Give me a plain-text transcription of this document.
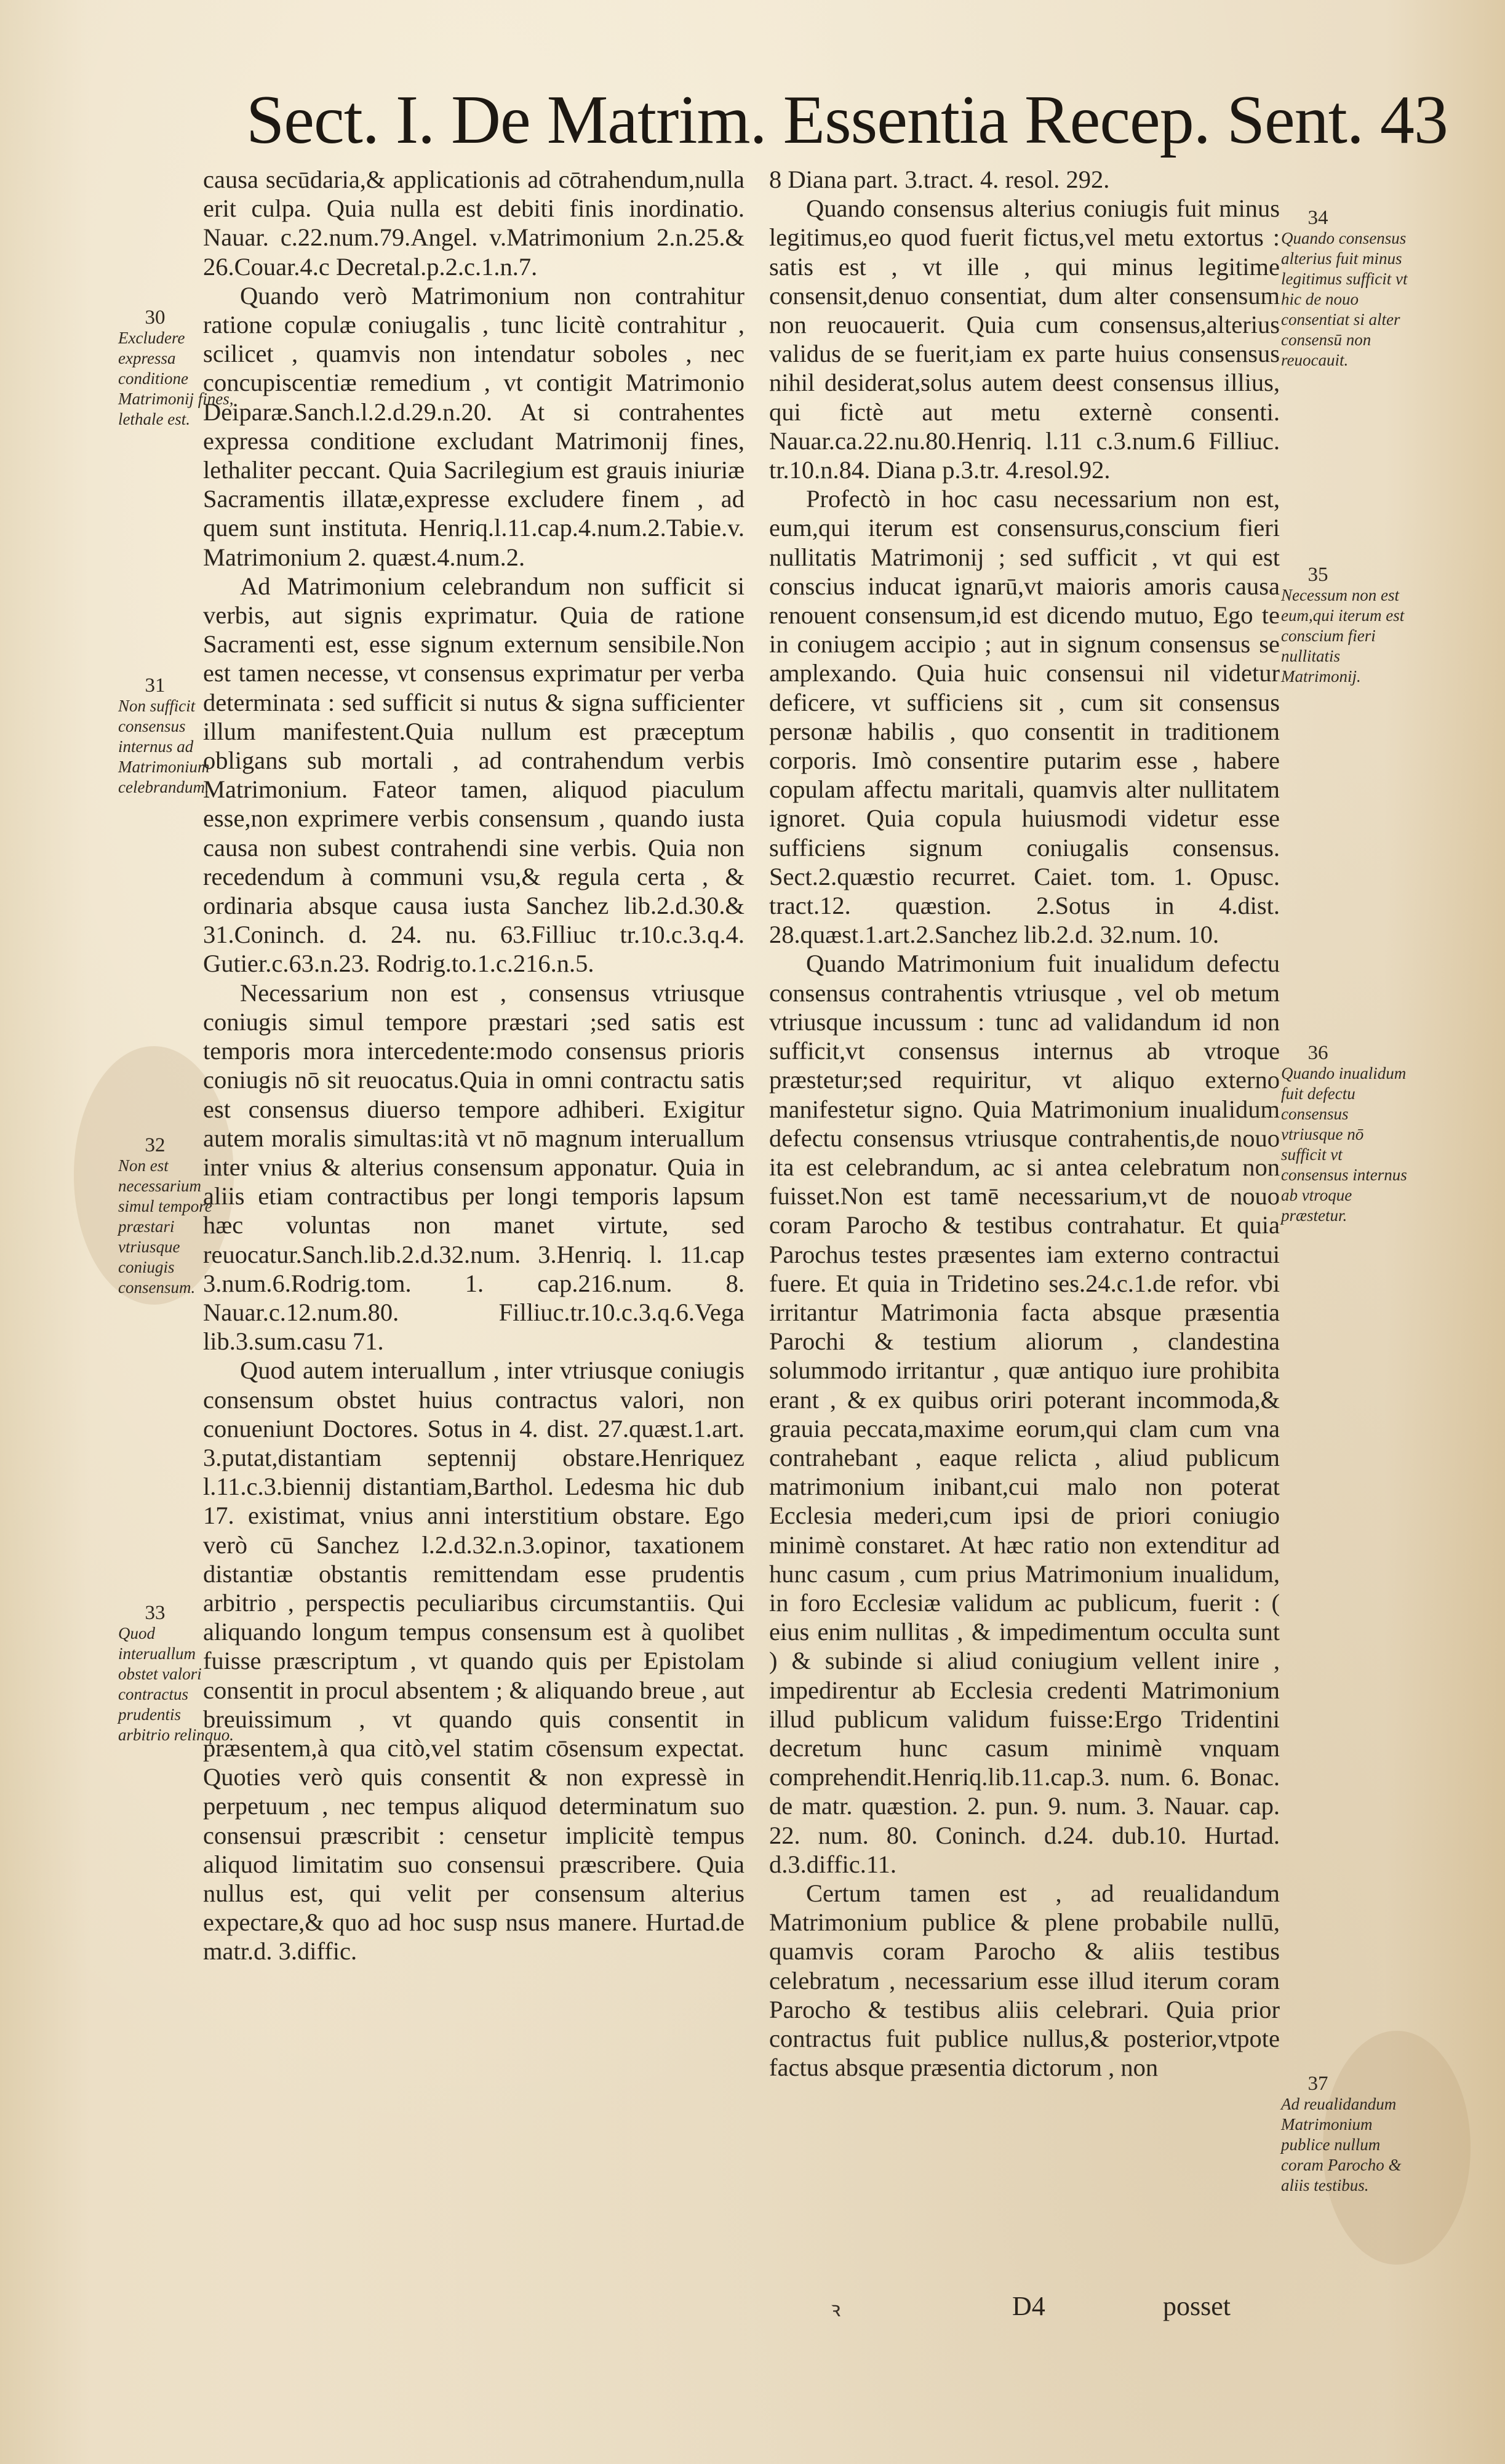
Sect. I. De Matrim. Essentia Recep. Sent. 43
30
Excludere expressa conditione Matrimonij fines, lethale est.
31
Non sufficit consensus internus ad Matrimonium celebrandum.
32
Non est necessarium simul tempore præstari vtriusque coniugis consensum.
33
Quod interuallum obstet valori contractus prudentis arbitrio relinquo.

causa secūdaria,& applicationis ad cōtrahendum,nulla erit culpa. Quia nulla est debiti finis inordinatio. Nauar. c.22.num.79.Angel. v.Matrimonium 2.n.25.& 26.Couar.4.c Decretal.p.2.c.1.n.7.

Quando verò Matrimonium non contrahitur ratione copulæ coniugalis , tunc licitè contrahitur , scilicet , quamvis non intendatur soboles , nec concupiscentiæ remedium , vt contigit Matrimonio Deiparæ.Sanch.l.2.d.29.n.20. At si contrahentes expressa conditione excludant Matrimonij fines, lethaliter peccant. Quia Sacrilegium est grauis iniuriæ Sacramentis illatæ,expresse excludere finem , ad quem sunt instituta. Henriq.l.11.cap.4.num.2.Tabie.v. Matrimonium 2. quæst.4.num.2.

Ad Matrimonium celebrandum non sufficit si verbis, aut signis exprimatur. Quia de ratione Sacramenti est, esse signum externum sensibile.Non est tamen necesse, vt consensus exprimatur per verba determinata : sed sufficit si nutus & signa sufficienter illum manifestent.Quia nullum est præceptum obligans sub mortali , ad contrahendum verbis Matrimonium. Fateor tamen, aliquod piaculum esse,non exprimere verbis consensum , quando iusta causa non subest contrahendi sine verbis. Quia non recedendum à communi vsu,& regula certa , & ordinaria absque causa iusta Sanchez lib.2.d.30.& 31.Coninch. d. 24. nu. 63.Filliuc tr.10.c.3.q.4. Gutier.c.63.n.23. Rodrig.to.1.c.216.n.5.

Necessarium non est , consensus vtriusque coniugis simul tempore præstari ;sed satis est temporis mora intercedente:modo consensus prioris coniugis nō sit reuocatus.Quia in omni contractu satis est consensus diuerso tempore adhiberi. Exigitur autem moralis simultas:ità vt nō magnum interuallum inter vnius & alterius consensum apponatur. Quia in aliis etiam contractibus per longi temporis lapsum hæc voluntas non manet virtute, sed reuocatur.Sanch.lib.2.d.32.num. 3.Henriq. l. 11.cap 3.num.6.Rodrig.tom. 1. cap.216.num. 8. Nauar.c.12.num.80. Filliuc.tr.10.c.3.q.6.Vega lib.3.sum.casu 71.

Quod autem interuallum , inter vtriusque coniugis consensum obstet huius contractus valori, non conueniunt Doctores. Sotus in 4. dist. 27.quæst.1.art. 3.putat,distantiam septennij obstare.Henriquez l.11.c.3.biennij distantiam,Barthol. Ledesma hic dub 17. existimat, vnius anni interstitium obstare. Ego verò cū Sanchez l.2.d.32.n.3.opinor, taxationem distantiæ obstantis remittendam esse prudentis arbitrio , perspectis peculiaribus circumstantiis. Qui aliquando longum tempus consensum est à quolibet fuisse præscriptum , vt quando quis per Epistolam consentit in procul absentem ; & aliquando breue , aut breuissimum , vt quando quis consentit in præsentem,à qua citò,vel statim cōsensum expectat. Quoties verò quis consentit & non expressè in perpetuum , nec tempus aliquod determinatum suo consensui præscribit : censetur implicitè tempus aliquod limitatim suo consensui præscribere. Quia nullus est, qui velit per consensum alterius expectare,& quo ad hoc susp nsus manere. Hurtad.de matr.d. 3.diffic.

8 Diana part. 3.tract. 4. resol. 292.

Quando consensus alterius coniugis fuit minus legitimus,eo quod fuerit fictus,vel metu extortus : satis est , vt ille , qui minus legitime consensit,denuo consentiat, dum alter consensum non reuocauerit. Quia cum consensus,alterius validus de se fuerit,iam ex parte huius consensus nihil desiderat,solus autem deest consensus illius, qui fictè aut metu externè consenti. Nauar.ca.22.nu.80.Henriq. l.11 c.3.num.6 Filliuc. tr.10.n.84. Diana p.3.tr. 4.resol.92.

Profectò in hoc casu necessarium non est, eum,qui iterum est consensurus,conscium fieri nullitatis Matrimonij ; sed sufficit , vt qui est conscius inducat ignarū,vt maioris amoris causa renouent consensum,id est dicendo mutuo, Ego te in coniugem accipio ; aut in signum consensus se amplexando. Quia huic consensui nil videtur deficere, vt sufficiens sit , cum sit consensus personæ habilis , quo consentit in traditionem corporis. Imò consentire putarim esse , habere copulam affectu maritali, quamvis alter nullitatem ignoret. Quia copula huiusmodi videtur esse sufficiens signum coniugalis consensus. Sect.2.quæstio recurret. Caiet. tom. 1. Opusc. tract.12. quæstion. 2.Sotus in 4.dist. 28.quæst.1.art.2.Sanchez lib.2.d. 32.num. 10.

Quando Matrimonium fuit inualidum defectu consensus contrahentis vtriusque , vel ob metum vtriusque incussum : tunc ad validandum id non sufficit,vt consensus internus ab vtroque præstetur;sed requiritur, vt aliquo externo manifestetur signo. Quia Matrimonium inualidum defectu consensus vtriusque contrahentis,de nouo ita est celebrandum, ac si antea celebratum non fuisset.Non est tamē necessarium,vt de nouo coram Parocho & testibus contrahatur. Et quia Parochus testes præsentes iam externo contractui fuere. Et quia in Tridetino ses.24.c.1.de refor. vbi irritantur Matrimonia facta absque præsentia Parochi & testium aliorum , clandestina solummodo irritantur , quæ antiquo iure prohibita erant , & ex quibus oriri poterant incommoda,& grauia peccata,maxime eorum,qui clam cum vna contrahebant , eaque relicta , aliud publicum matrimonium inibant,cui malo non poterat Ecclesia mederi,cum ipsi de priori coniugio minimè constaret. At hæc ratio non extenditur ad hunc casum , cum prius Matrimonium inualidum, in foro Ecclesiæ validum ac publicum, fuerit : ( eius enim nullitas , & impedimentum occulta sunt ) & subinde si aliud coniugium vellent inire , impedirentur ab Ecclesia credenti Matrimonium illud publicum validum fuisse:Ergo Tridentini decretum hunc casum minimè vnquam comprehendit.Henriq.lib.11.cap.3. num. 6. Bonac. de matr. quæstion. 2. pun. 9. num. 3. Nauar. cap. 22. num. 80. Coninch. d.24. dub.10. Hurtad. d.3.diffic.11.

Certum tamen est , ad reualidandum Matrimonium publice & plene probabile nullū, quamvis coram Parocho & aliis testibus celebratum , necessarium esse illud iterum coram Parocho & testibus aliis celebrari. Quia prior contractus fuit publice nullus,& posterior,vtpote factus absque præsentia dictorum , non

34
Quando consensus alterius fuit minus legitimus sufficit vt hic de nouo consentiat si alter consensū non reuocauit.
35
Necessum non est eum,qui iterum est conscium fieri nullitatis Matrimonij.
36
Quando inualidum fuit defectu consensus vtriusque nō sufficit vt consensus internus ab vtroque præstetur.
37
Ad reualidandum Matrimonium publice nullum coram Parocho & aliis testibus.
ꝛ	D4	posset
